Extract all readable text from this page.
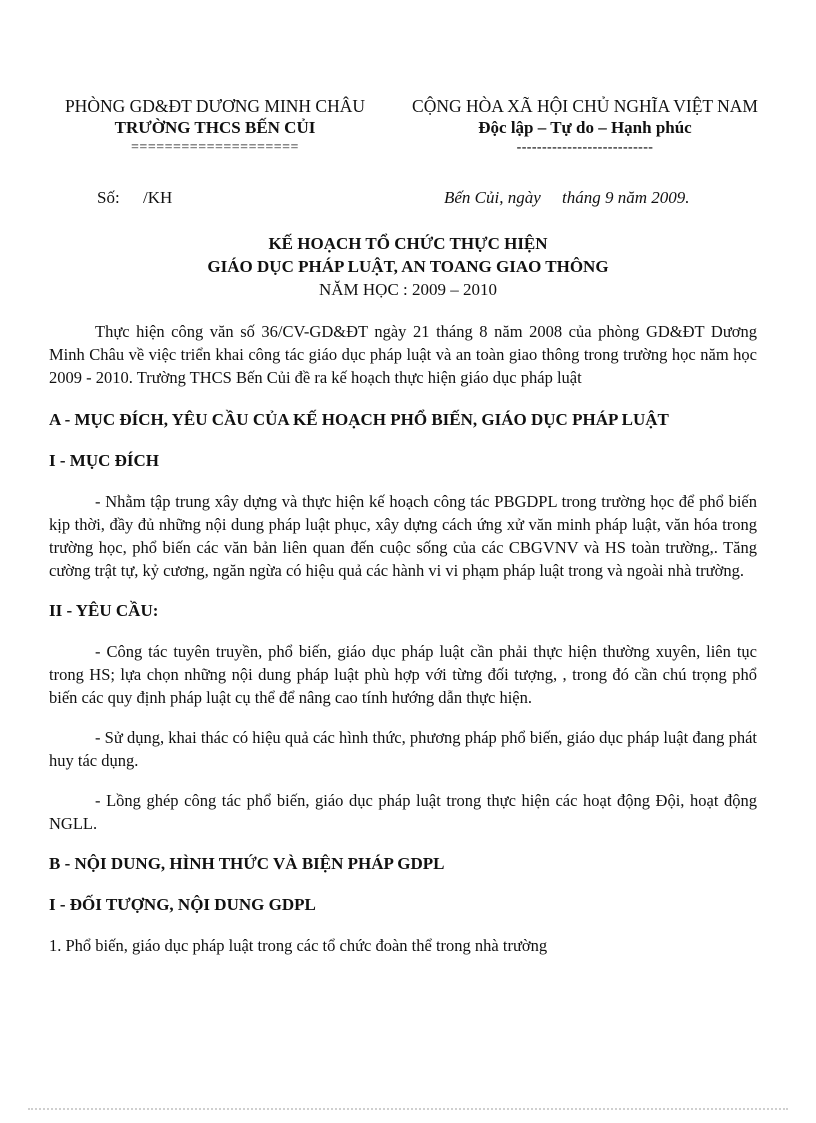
PHÒNG GD&ĐT DƯƠNG MINH CHÂU
TRƯỜNG THCS BẾN CỦI
====================
CỘNG HÒA XÃ HỘI CHỦ NGHĨA VIỆT NAM
Độc lập – Tự do – Hạnh phúc
---------------------------
Số: /KH	Bến Củi, ngày     tháng 9 năm 2009.
KẾ HOẠCH TỔ CHỨC THỰC HIỆN
GIÁO DỤC PHÁP LUẬT, AN TOANG GIAO THÔNG
NĂM HỌC : 2009 – 2010

Thực hiện công văn số 36/CV-GD&ĐT ngày 21 tháng 8 năm 2008 của phòng GD&ĐT Dương Minh Châu về việc triển khai công tác giáo dục pháp luật và an toàn giao thông trong trường học năm học 2009 - 2010. Trường THCS Bến Củi đề ra kế hoạch thực hiện giáo dục pháp luật

A - MỤC ĐÍCH, YÊU CẦU CỦA KẾ HOẠCH PHỔ BIẾN, GIÁO DỤC PHÁP LUẬT
I - MỤC ĐÍCH

- Nhằm tập trung xây dựng và thực hiện kế hoạch công tác PBGDPL trong trường học để phổ biến kịp thời, đầy đủ những nội dung pháp luật phục, xây dựng cách ứng xử văn minh pháp luật, văn hóa trong trường học, phổ biến các văn bản liên quan đến cuộc sống của các CBGVNV và HS toàn trường,. Tăng cường trật tự, kỷ cương, ngăn ngừa có hiệu quả các hành vi vi phạm pháp luật trong và ngoài nhà trường.

II - YÊU CẦU:

- Công tác tuyên truyền, phổ biến, giáo dục pháp luật cần phải thực hiện thường xuyên, liên tục trong HS; lựa chọn những nội dung pháp luật phù hợp với từng đối tượng, , trong đó cần chú trọng phổ biến các quy định pháp luật cụ thể để nâng cao tính hướng dẫn thực hiện.

- Sử dụng, khai thác có hiệu quả các hình thức, phương pháp phổ biến, giáo dục pháp luật đang phát huy tác dụng.

- Lồng ghép công tác phổ biến, giáo dục pháp luật trong thực hiện các hoạt động Đội, hoạt động NGLL.

B - NỘI DUNG, HÌNH THỨC VÀ BIỆN PHÁP GDPL
I - ĐỐI TƯỢNG, NỘI DUNG GDPL

1. Phổ biến, giáo dục pháp luật trong các tổ chức đoàn thể trong nhà trường
